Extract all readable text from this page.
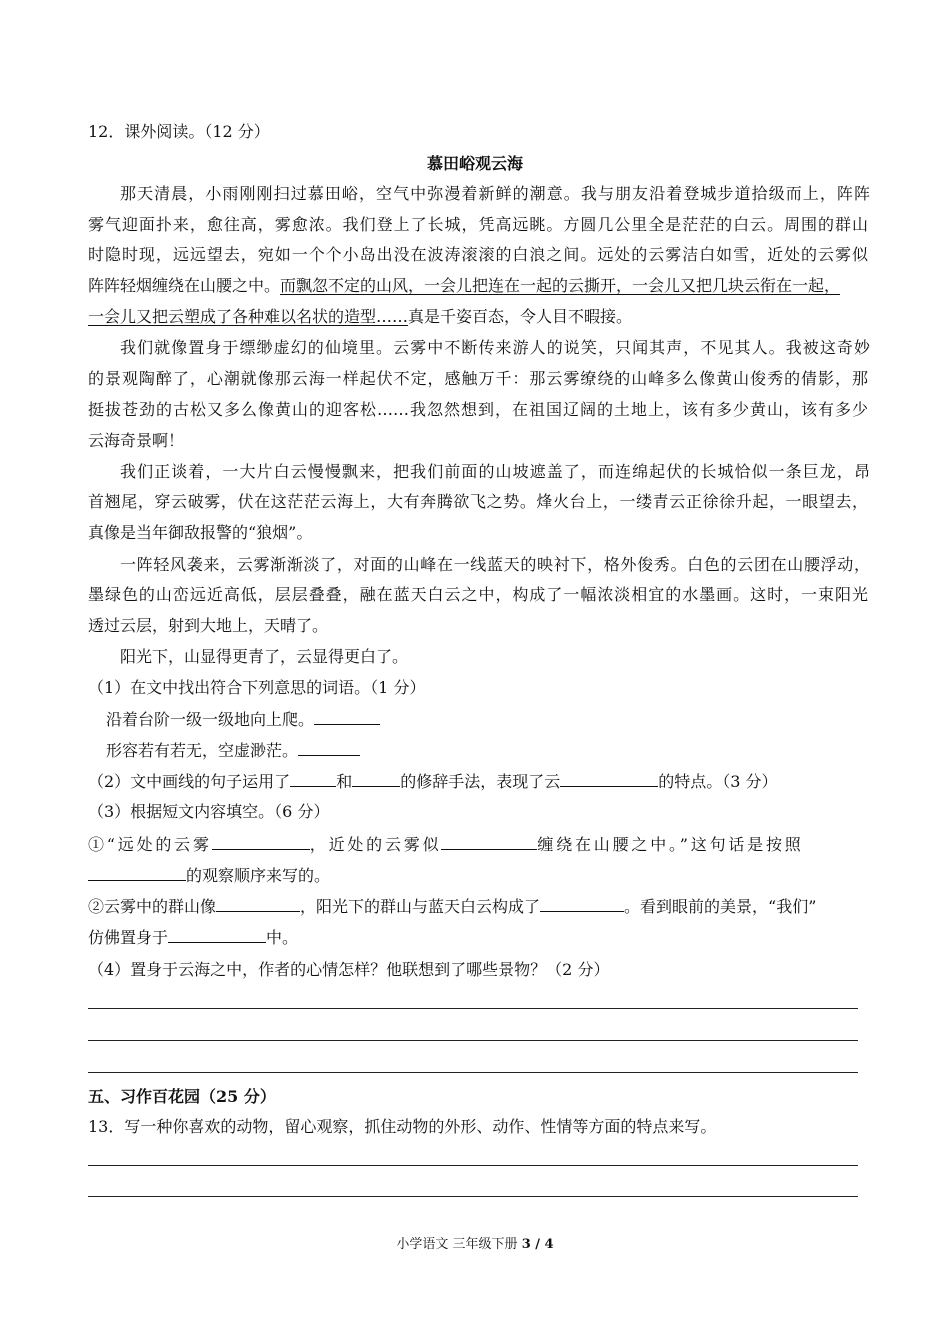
12．课外阅读。（12 分）
慕田峪观云海
那天清晨，小雨刚刚扫过慕田峪，空气中弥漫着新鲜的潮意。我与朋友沿着登城步道拾级而上，阵阵
雾气迎面扑来，愈往高，雾愈浓。我们登上了长城，凭高远眺。方圆几公里全是茫茫的白云。周围的群山
时隐时现，远远望去，宛如一个个小岛出没在波涛滚滚的白浪之间。远处的云雾洁白如雪，近处的云雾似
阵阵轻烟缠绕在山腰之中。而飘忽不定的山风，一会儿把连在一起的云撕开，一会儿又把几块云衔在一起，
一会儿又把云塑成了各种难以名状的造型……真是千姿百态，令人目不暇接。
我们就像置身于缥缈虚幻的仙境里。云雾中不断传来游人的说笑，只闻其声，不见其人。我被这奇妙
的景观陶醉了，心潮就像那云海一样起伏不定，感触万千：那云雾缭绕的山峰多么像黄山俊秀的倩影，那
挺拔苍劲的古松又多么像黄山的迎客松……我忽然想到，在祖国辽阔的土地上，该有多少黄山，该有多少
云海奇景啊！
我们正谈着，一大片白云慢慢飘来，把我们前面的山坡遮盖了，而连绵起伏的长城恰似一条巨龙，昂
首翘尾，穿云破雾，伏在这茫茫云海上，大有奔腾欲飞之势。烽火台上，一缕青云正徐徐升起，一眼望去，
真像是当年御敌报警的“狼烟”。
一阵轻风袭来，云雾渐渐淡了，对面的山峰在一线蓝天的映衬下，格外俊秀。白色的云团在山腰浮动，
墨绿色的山峦远近高低，层层叠叠，融在蓝天白云之中，构成了一幅浓淡相宜的水墨画。这时，一束阳光
透过云层，射到大地上，天晴了。
阳光下，山显得更青了，云显得更白了。
（1）在文中找出符合下列意思的词语。（1 分）
沿着台阶一级一级地向上爬。
形容若有若无，空虚渺茫。
（2）文中画线的句子运用了	和	的修辞手法，表现了云	的特点。（3 分）
（3）根据短文内容填空。（6 分）
①“远处的云雾	，近处的云雾似	缠绕在山腰之中。”这句话是按照
的观察顺序来写的。
②云雾中的群山像	，阳光下的群山与蓝天白云构成了	。看到眼前的美景，“我们”
仿佛置身于	中。
（4）置身于云海之中，作者的心情怎样？他联想到了哪些景物？（2 分）
五、习作百花园（25 分）
13．写一种你喜欢的动物，留心观察，抓住动物的外形、动作、性情等方面的特点来写。
小学语文 三年级下册 3 / 4
